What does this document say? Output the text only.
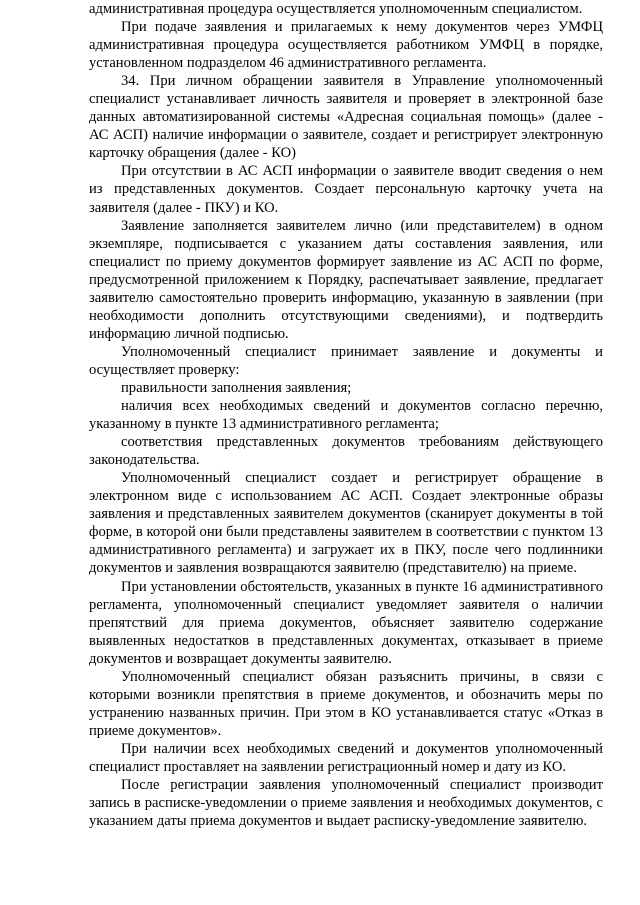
административная процедура осуществляется уполномоченным специалистом.

При подаче заявления и прилагаемых к нему документов через УМФЦ административная процедура осуществляется работником УМФЦ в порядке, установленном подразделом 46 административного регламента.

34. При личном обращении заявителя в Управление уполномоченный специалист устанавливает личность заявителя и проверяет в электронной базе данных автоматизированной системы «Адресная социальная помощь» (далее - АС АСП) наличие информации о заявителе, создает и регистрирует электронную карточку обращения (далее - КО)

При отсутствии в АС АСП информации о заявителе вводит сведения о нем из представленных документов. Создает персональную карточку учета на заявителя (далее - ПКУ) и КО.

Заявление заполняется заявителем лично (или представителем) в одном экземпляре, подписывается с указанием даты составления заявления, или специалист по приему документов формирует заявление из АС АСП по форме, предусмотренной приложением к Порядку, распечатывает заявление, предлагает заявителю самостоятельно проверить информацию, указанную в заявлении (при необходимости дополнить отсутствующими сведениями), и подтвердить информацию личной подписью.

Уполномоченный специалист принимает заявление и документы и осуществляет проверку:

правильности заполнения заявления;

наличия всех необходимых сведений и документов согласно перечню, указанному в пункте 13 административного регламента;

соответствия представленных документов требованиям действующего законодательства.

Уполномоченный специалист создает и регистрирует обращение в электронном виде с использованием АС АСП. Создает электронные образы заявления и представленных заявителем документов (сканирует документы в той форме, в которой они были представлены заявителем в соответствии с пунктом 13 административного регламента) и загружает их в ПКУ, после чего подлинники документов и заявления возвращаются заявителю (представителю) на приеме.

При установлении обстоятельств, указанных в пункте 16 административного регламента, уполномоченный специалист уведомляет заявителя о наличии препятствий для приема документов, объясняет заявителю содержание выявленных недостатков в представленных документах, отказывает в приеме документов и возвращает документы заявителю.

Уполномоченный специалист обязан разъяснить причины, в связи с которыми возникли препятствия в приеме документов, и обозначить меры по устранению названных причин. При этом в КО устанавливается статус «Отказ в приеме документов».

При наличии всех необходимых сведений и документов уполномоченный специалист проставляет на заявлении регистрационный номер и дату из КО.

После регистрации заявления уполномоченный специалист производит запись в расписке-уведомлении о приеме заявления и необходимых документов, с указанием даты приема документов и выдает расписку-уведомление заявителю.
